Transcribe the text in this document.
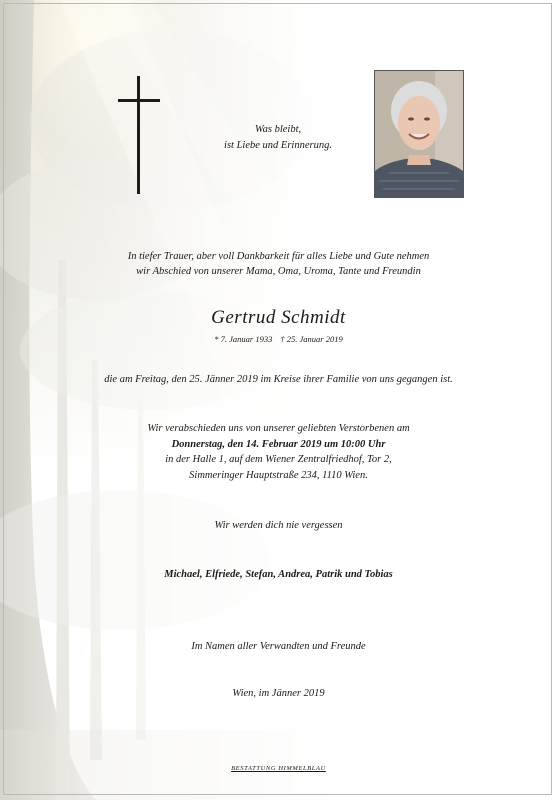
Was bleibt,
ist Liebe und Erinnerung.
In tiefer Trauer, aber voll Dankbarkeit für alles Liebe und Gute nehmen
wir Abschied von unserer Mama, Oma, Uroma, Tante und Freundin
Gertrud Schmidt
* 7. Januar 1933 † 25. Januar 2019
die am Freitag, den 25. Jänner 2019 im Kreise ihrer Familie von uns gegangen ist.
Wir verabschieden uns von unserer geliebten Verstorbenen am
Donnerstag, den 14. Februar 2019 um 10:00 Uhr
in der Halle 1, auf dem Wiener Zentralfriedhof, Tor 2,
Simmeringer Hauptstraße 234, 1110 Wien.
Wir werden dich nie vergessen
Michael, Elfriede, Stefan, Andrea, Patrik und Tobias
Im Namen aller Verwandten und Freunde
Wien, im Jänner 2019
BESTATTUNG HIMMELBLAU
